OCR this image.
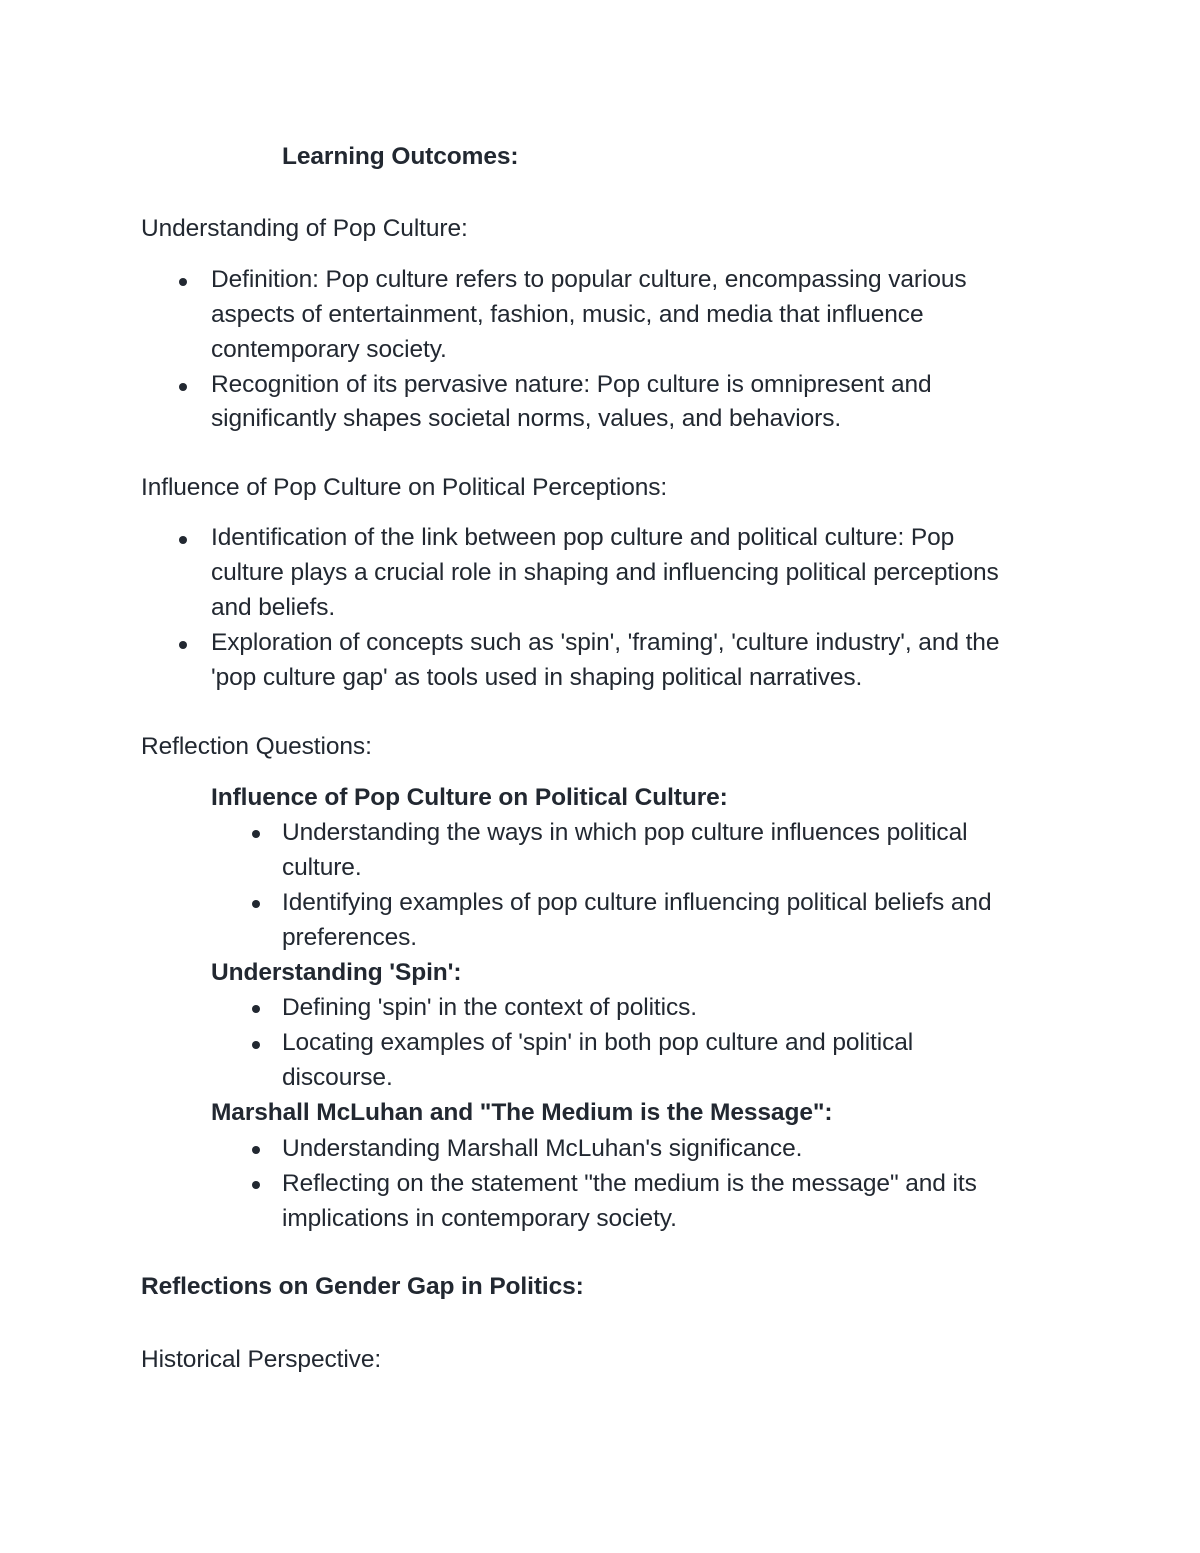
Learning Outcomes:
Understanding of Pop Culture:
Definition: Pop culture refers to popular culture, encompassing various
aspects of entertainment, fashion, music, and media that influence
contemporary society.
Recognition of its pervasive nature: Pop culture is omnipresent and
significantly shapes societal norms, values, and behaviors.
Influence of Pop Culture on Political Perceptions:
Identification of the link between pop culture and political culture: Pop
culture plays a crucial role in shaping and influencing political perceptions
and beliefs.
Exploration of concepts such as 'spin', 'framing', 'culture industry', and the
'pop culture gap' as tools used in shaping political narratives.
Reflection Questions:
Influence of Pop Culture on Political Culture:
Understanding the ways in which pop culture influences political
culture.
Identifying examples of pop culture influencing political beliefs and
preferences.
Understanding 'Spin':
Defining 'spin' in the context of politics.
Locating examples of 'spin' in both pop culture and political
discourse.
Marshall McLuhan and "The Medium is the Message":
Understanding Marshall McLuhan's significance.
Reflecting on the statement "the medium is the message" and its
implications in contemporary society.
Reflections on Gender Gap in Politics:
Historical Perspective:
